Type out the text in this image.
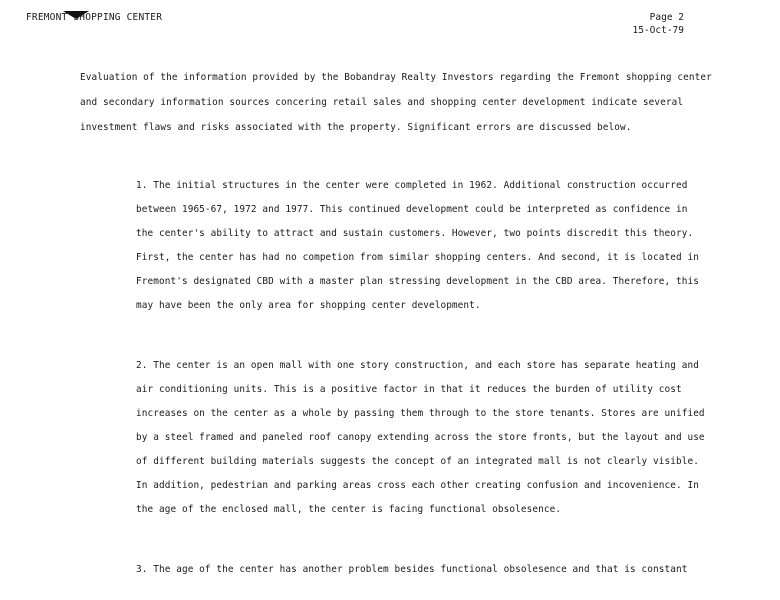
FREMONT SHOPPING CENTER	Page 2
15-Oct-79
Evaluation of the information provided by the Bobandray Realty Investors regarding the Fremont shopping center
and secondary information sources concering retail sales and shopping center development indicate several
investment flaws and risks associated with the property. Significant errors are discussed below.
1. The initial structures in the center were completed in 1962. Additional construction occurred
between 1965-67, 1972 and 1977. This continued development could be interpreted as confidence in
the center's ability to attract and sustain customers. However, two points discredit this theory.
First, the center has had no competion from similar shopping centers. And second, it is located in
Fremont's designated CBD with a master plan stressing development in the CBD area. Therefore, this
may have been the only area for shopping center development.
2. The center is an open mall with one story construction, and each store has separate heating and
air conditioning units. This is a positive factor in that it reduces the burden of utility cost
increases on the center as a whole by passing them through to the store tenants. Stores are unified
by a steel framed and paneled roof canopy extending across the store fronts, but the layout and use
of different building materials suggests the concept of an integrated mall is not clearly visible.
In addition, pedestrian and parking areas cross each other creating confusion and incovenience. In
the age of the enclosed mall, the center is facing functional obsolesence.
3. The age of the center has another problem besides functional obsolesence and that is constant
